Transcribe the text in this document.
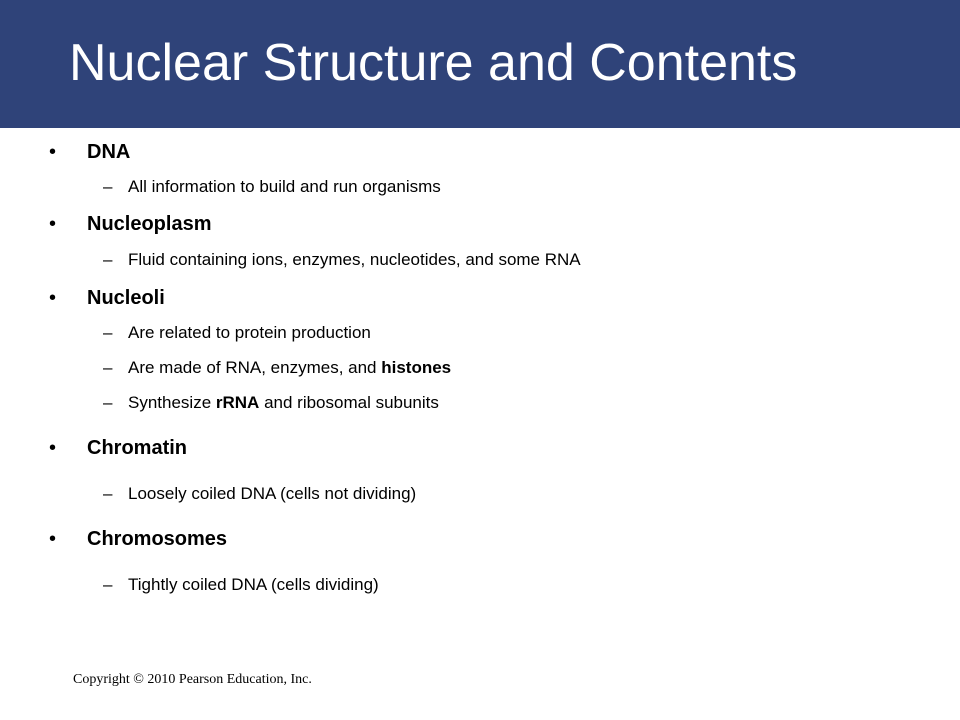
Nuclear Structure and Contents
• DNA
– All information to build and run organisms
• Nucleoplasm
– Fluid containing ions, enzymes, nucleotides, and some RNA
• Nucleoli
– Are related to protein production
– Are made of RNA, enzymes, and histones
– Synthesize rRNA and ribosomal subunits
• Chromatin
– Loosely coiled DNA (cells not dividing)
• Chromosomes
– Tightly coiled DNA (cells dividing)
Copyright © 2010 Pearson Education, Inc.
